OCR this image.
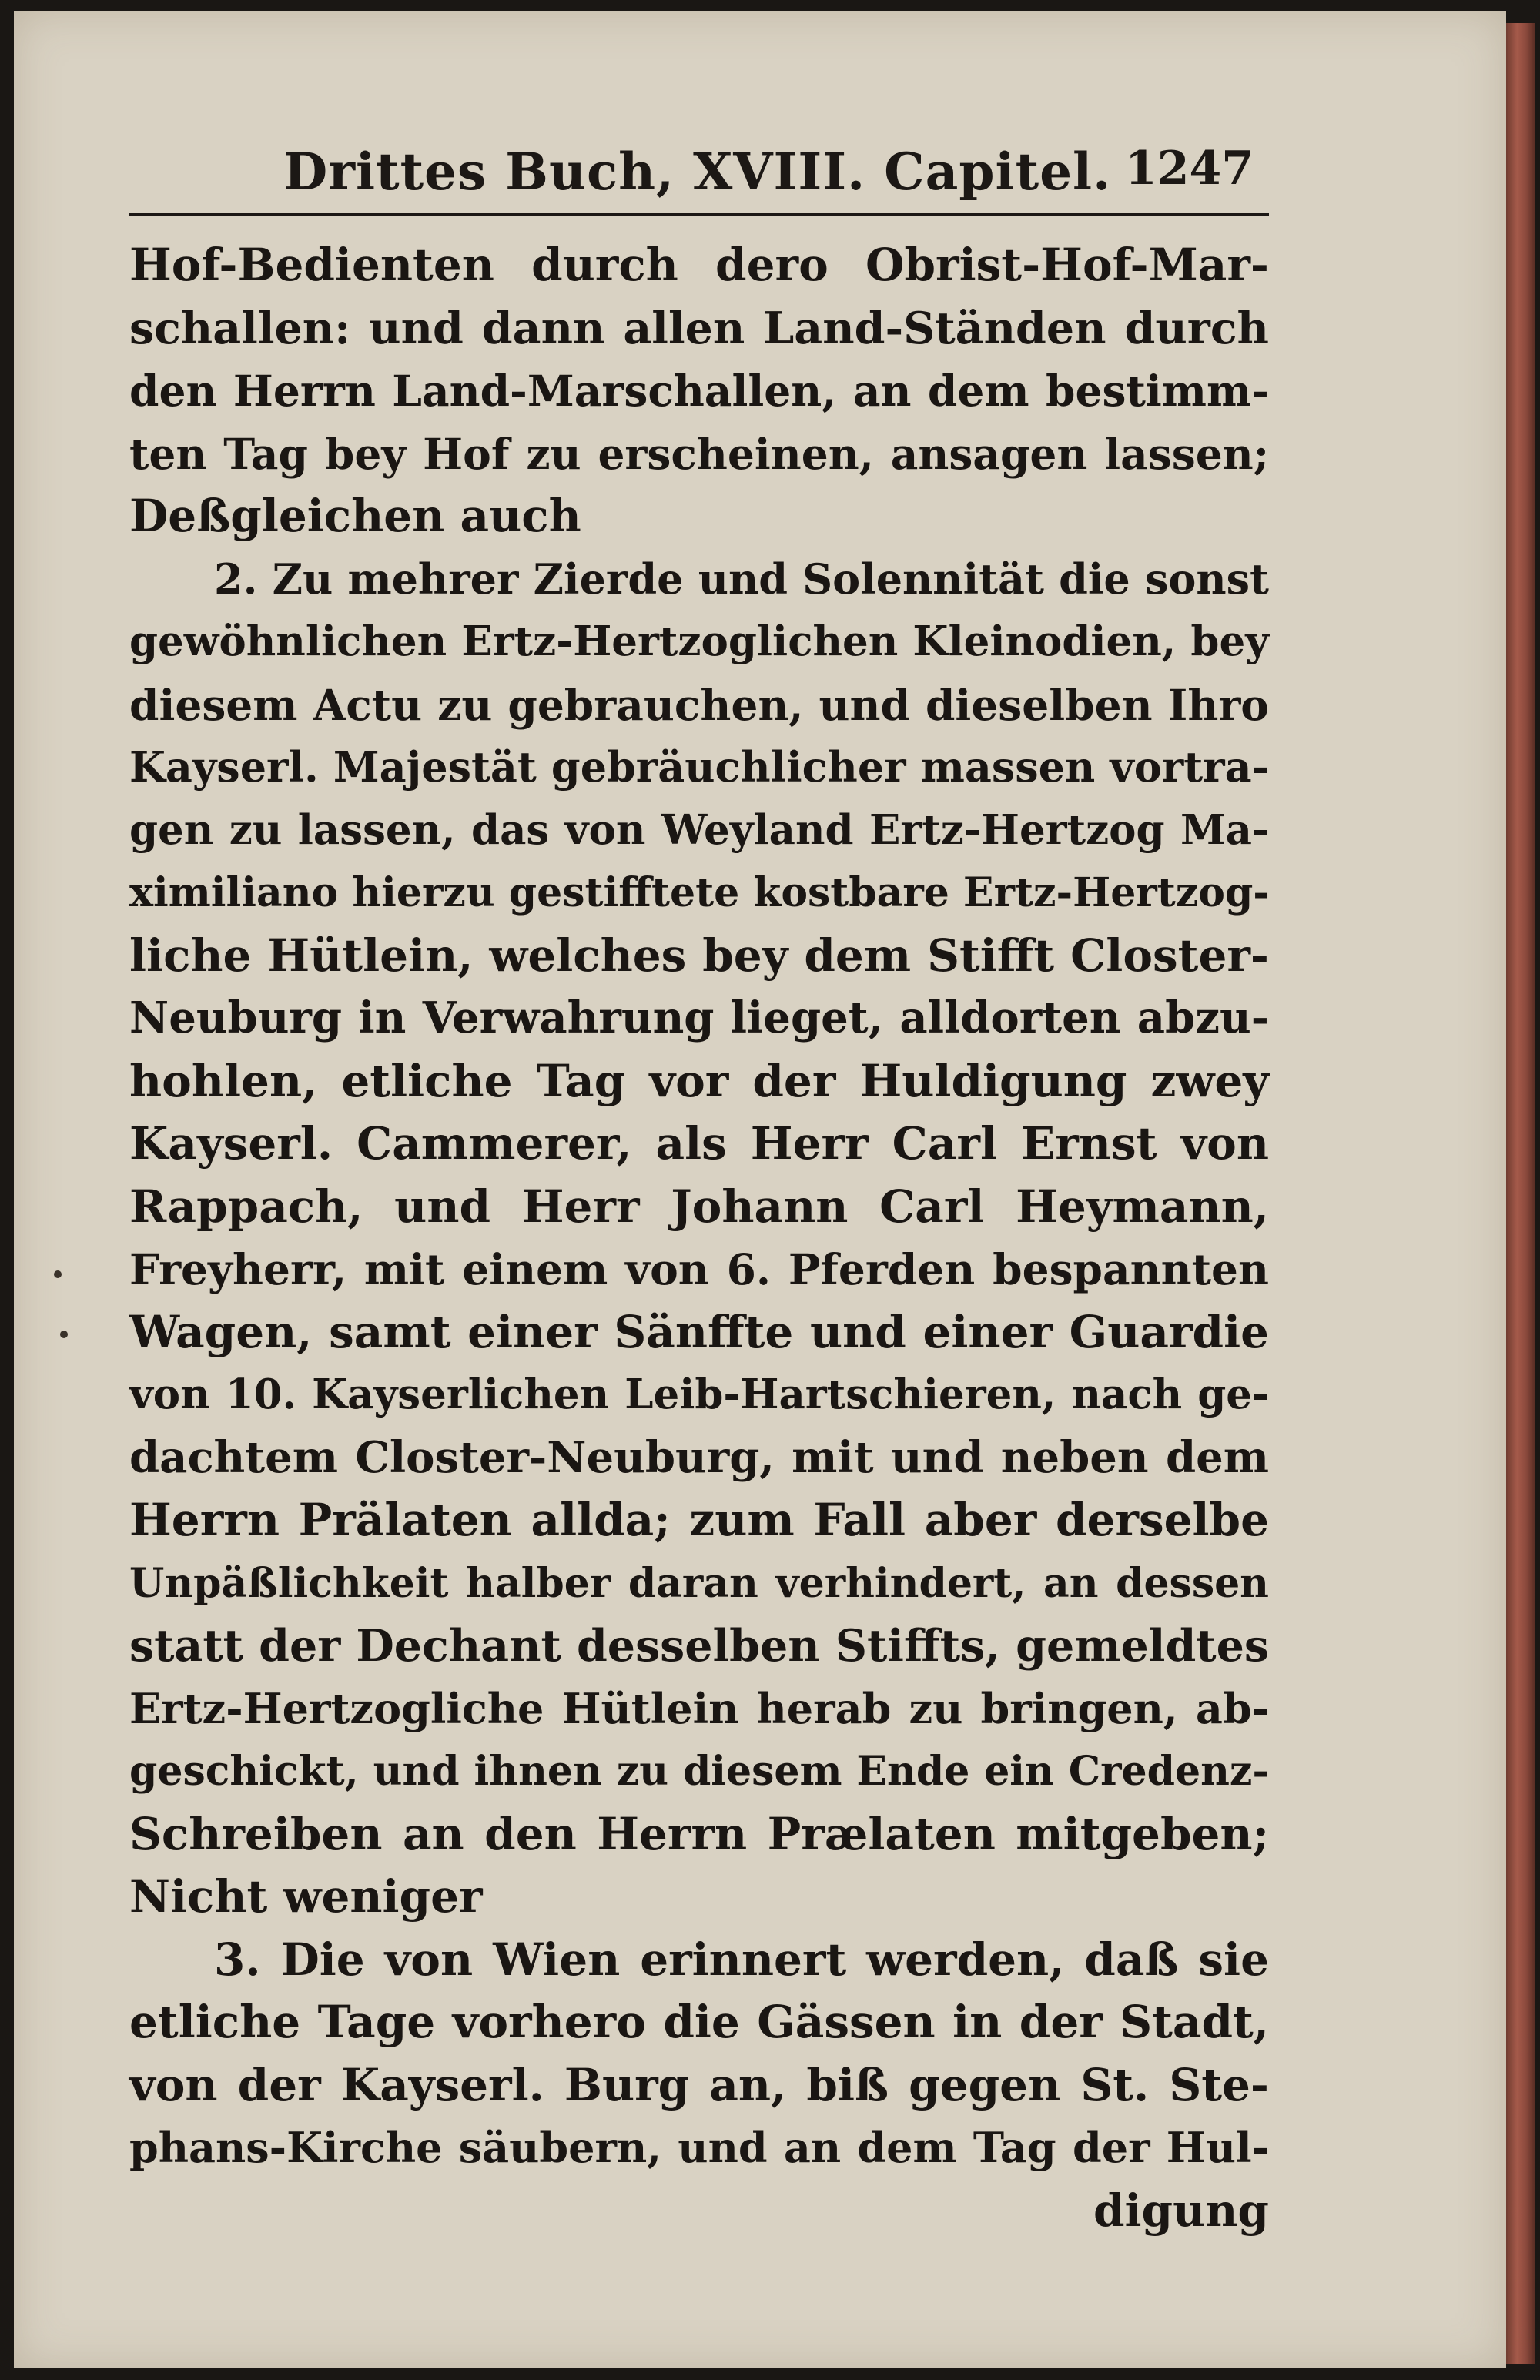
Drittes Buch, XVIII. Capitel. 1247
Hof-Bedienten durch dero Obrist-Hof-Mar-
schallen: und dann allen Land-Ständen durch
den Herrn Land-Marschallen, an dem bestimm-
ten Tag bey Hof zu erscheinen, ansagen lassen;
Deßgleichen auch
2. Zu mehrer Zierde und Solennität die sonst
gewöhnlichen Ertz-Hertzoglichen Kleinodien, bey
diesem Actu zu gebrauchen, und dieselben Ihro
Kayserl. Majestät gebräuchlicher massen vortra-
gen zu lassen, das von Weyland Ertz-Hertzog Ma-
ximiliano hierzu gestifftete kostbare Ertz-Hertzog-
liche Hütlein, welches bey dem Stifft Closter-
Neuburg in Verwahrung lieget, alldorten abzu-
hohlen, etliche Tag vor der Huldigung zwey
Kayserl. Cammerer, als Herr Carl Ernst von
Rappach, und Herr Johann Carl Heymann,
Freyherr, mit einem von 6. Pferden bespannten
Wagen, samt einer Sänffte und einer Guardie
von 10. Kayserlichen Leib-Hartschieren, nach ge-
dachtem Closter-Neuburg, mit und neben dem
Herrn Prälaten allda; zum Fall aber derselbe
Unpäßlichkeit halber daran verhindert, an dessen
statt der Dechant desselben Stiffts, gemeldtes
Ertz-Hertzogliche Hütlein herab zu bringen, ab-
geschickt, und ihnen zu diesem Ende ein Credenz-
Schreiben an den Herrn Prælaten mitgeben;
Nicht weniger
3. Die von Wien erinnert werden, daß sie
etliche Tage vorhero die Gässen in der Stadt,
von der Kayserl. Burg an, biß gegen St. Ste-
phans-Kirche säubern, und an dem Tag der Hul-
digung
